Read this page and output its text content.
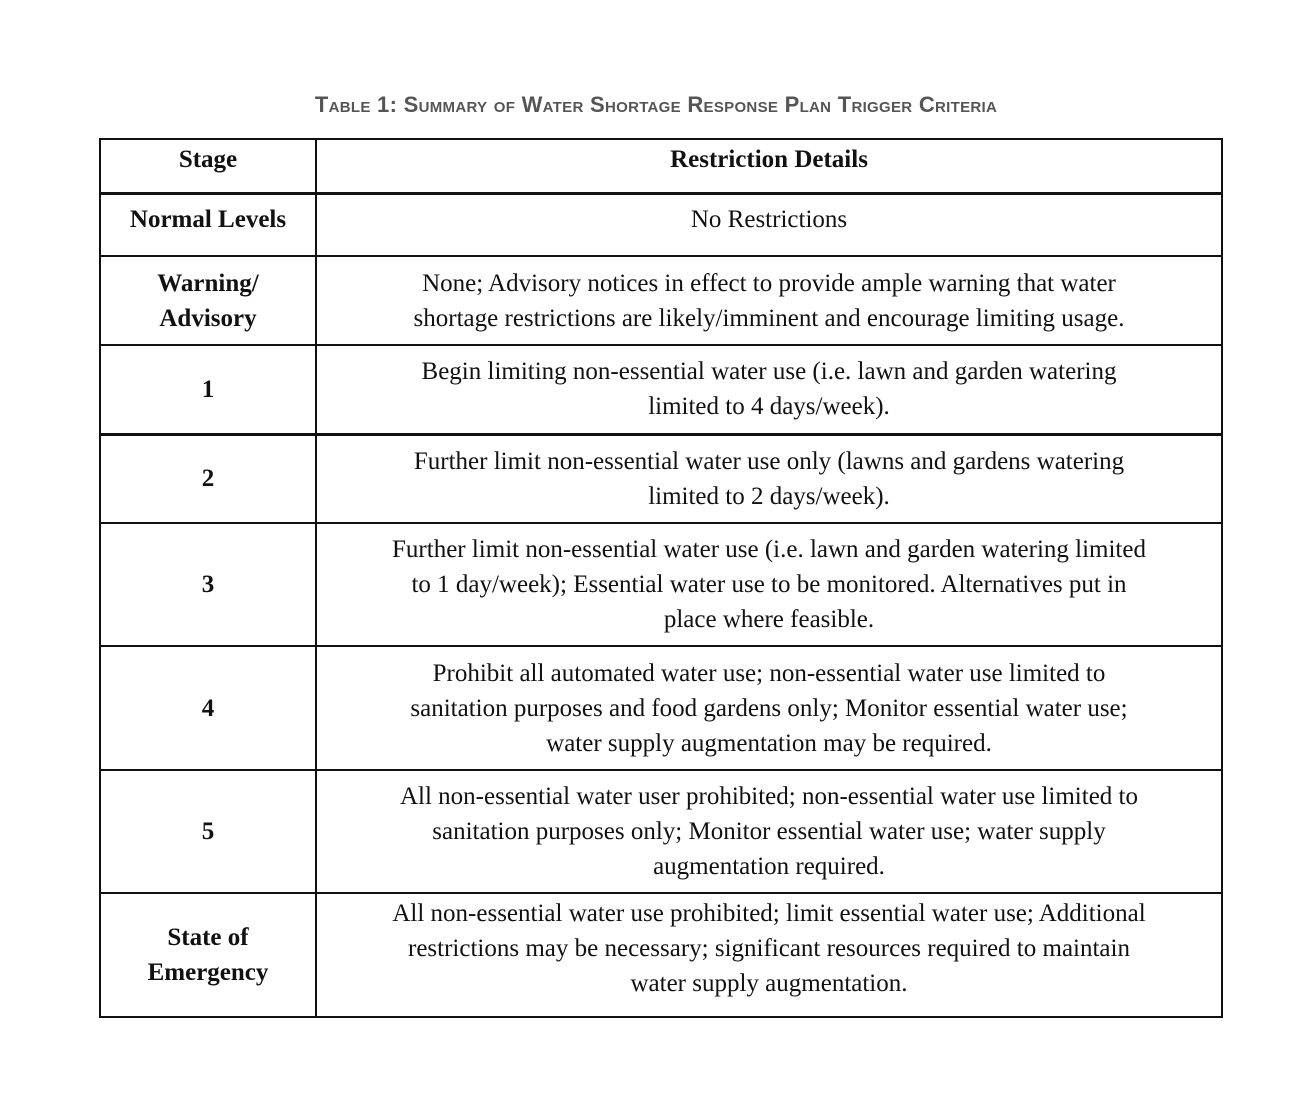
Table 1: Summary of Water Shortage Response Plan Trigger Criteria
Stage	Restriction Details

Normal Levels	No Restrictions

Warning/
Advisory	None; Advisory notices in effect to provide ample warning that water
shortage restrictions are likely/imminent and encourage limiting usage.

1	Begin limiting non-essential water use (i.e. lawn and garden watering
limited to 4 days/week).

2	Further limit non-essential water use only (lawns and gardens watering
limited to 2 days/week).

3	Further limit non-essential water use (i.e. lawn and garden watering limited
to 1 day/week); Essential water use to be monitored. Alternatives put in
place where feasible.

4	Prohibit all automated water use; non-essential water use limited to
sanitation purposes and food gardens only; Monitor essential water use;
water supply augmentation may be required.

5	All non-essential water user prohibited; non-essential water use limited to
sanitation purposes only; Monitor essential water use; water supply
augmentation required.

State of
Emergency	All non-essential water use prohibited; limit essential water use; Additional
restrictions may be necessary; significant resources required to maintain
water supply augmentation.
